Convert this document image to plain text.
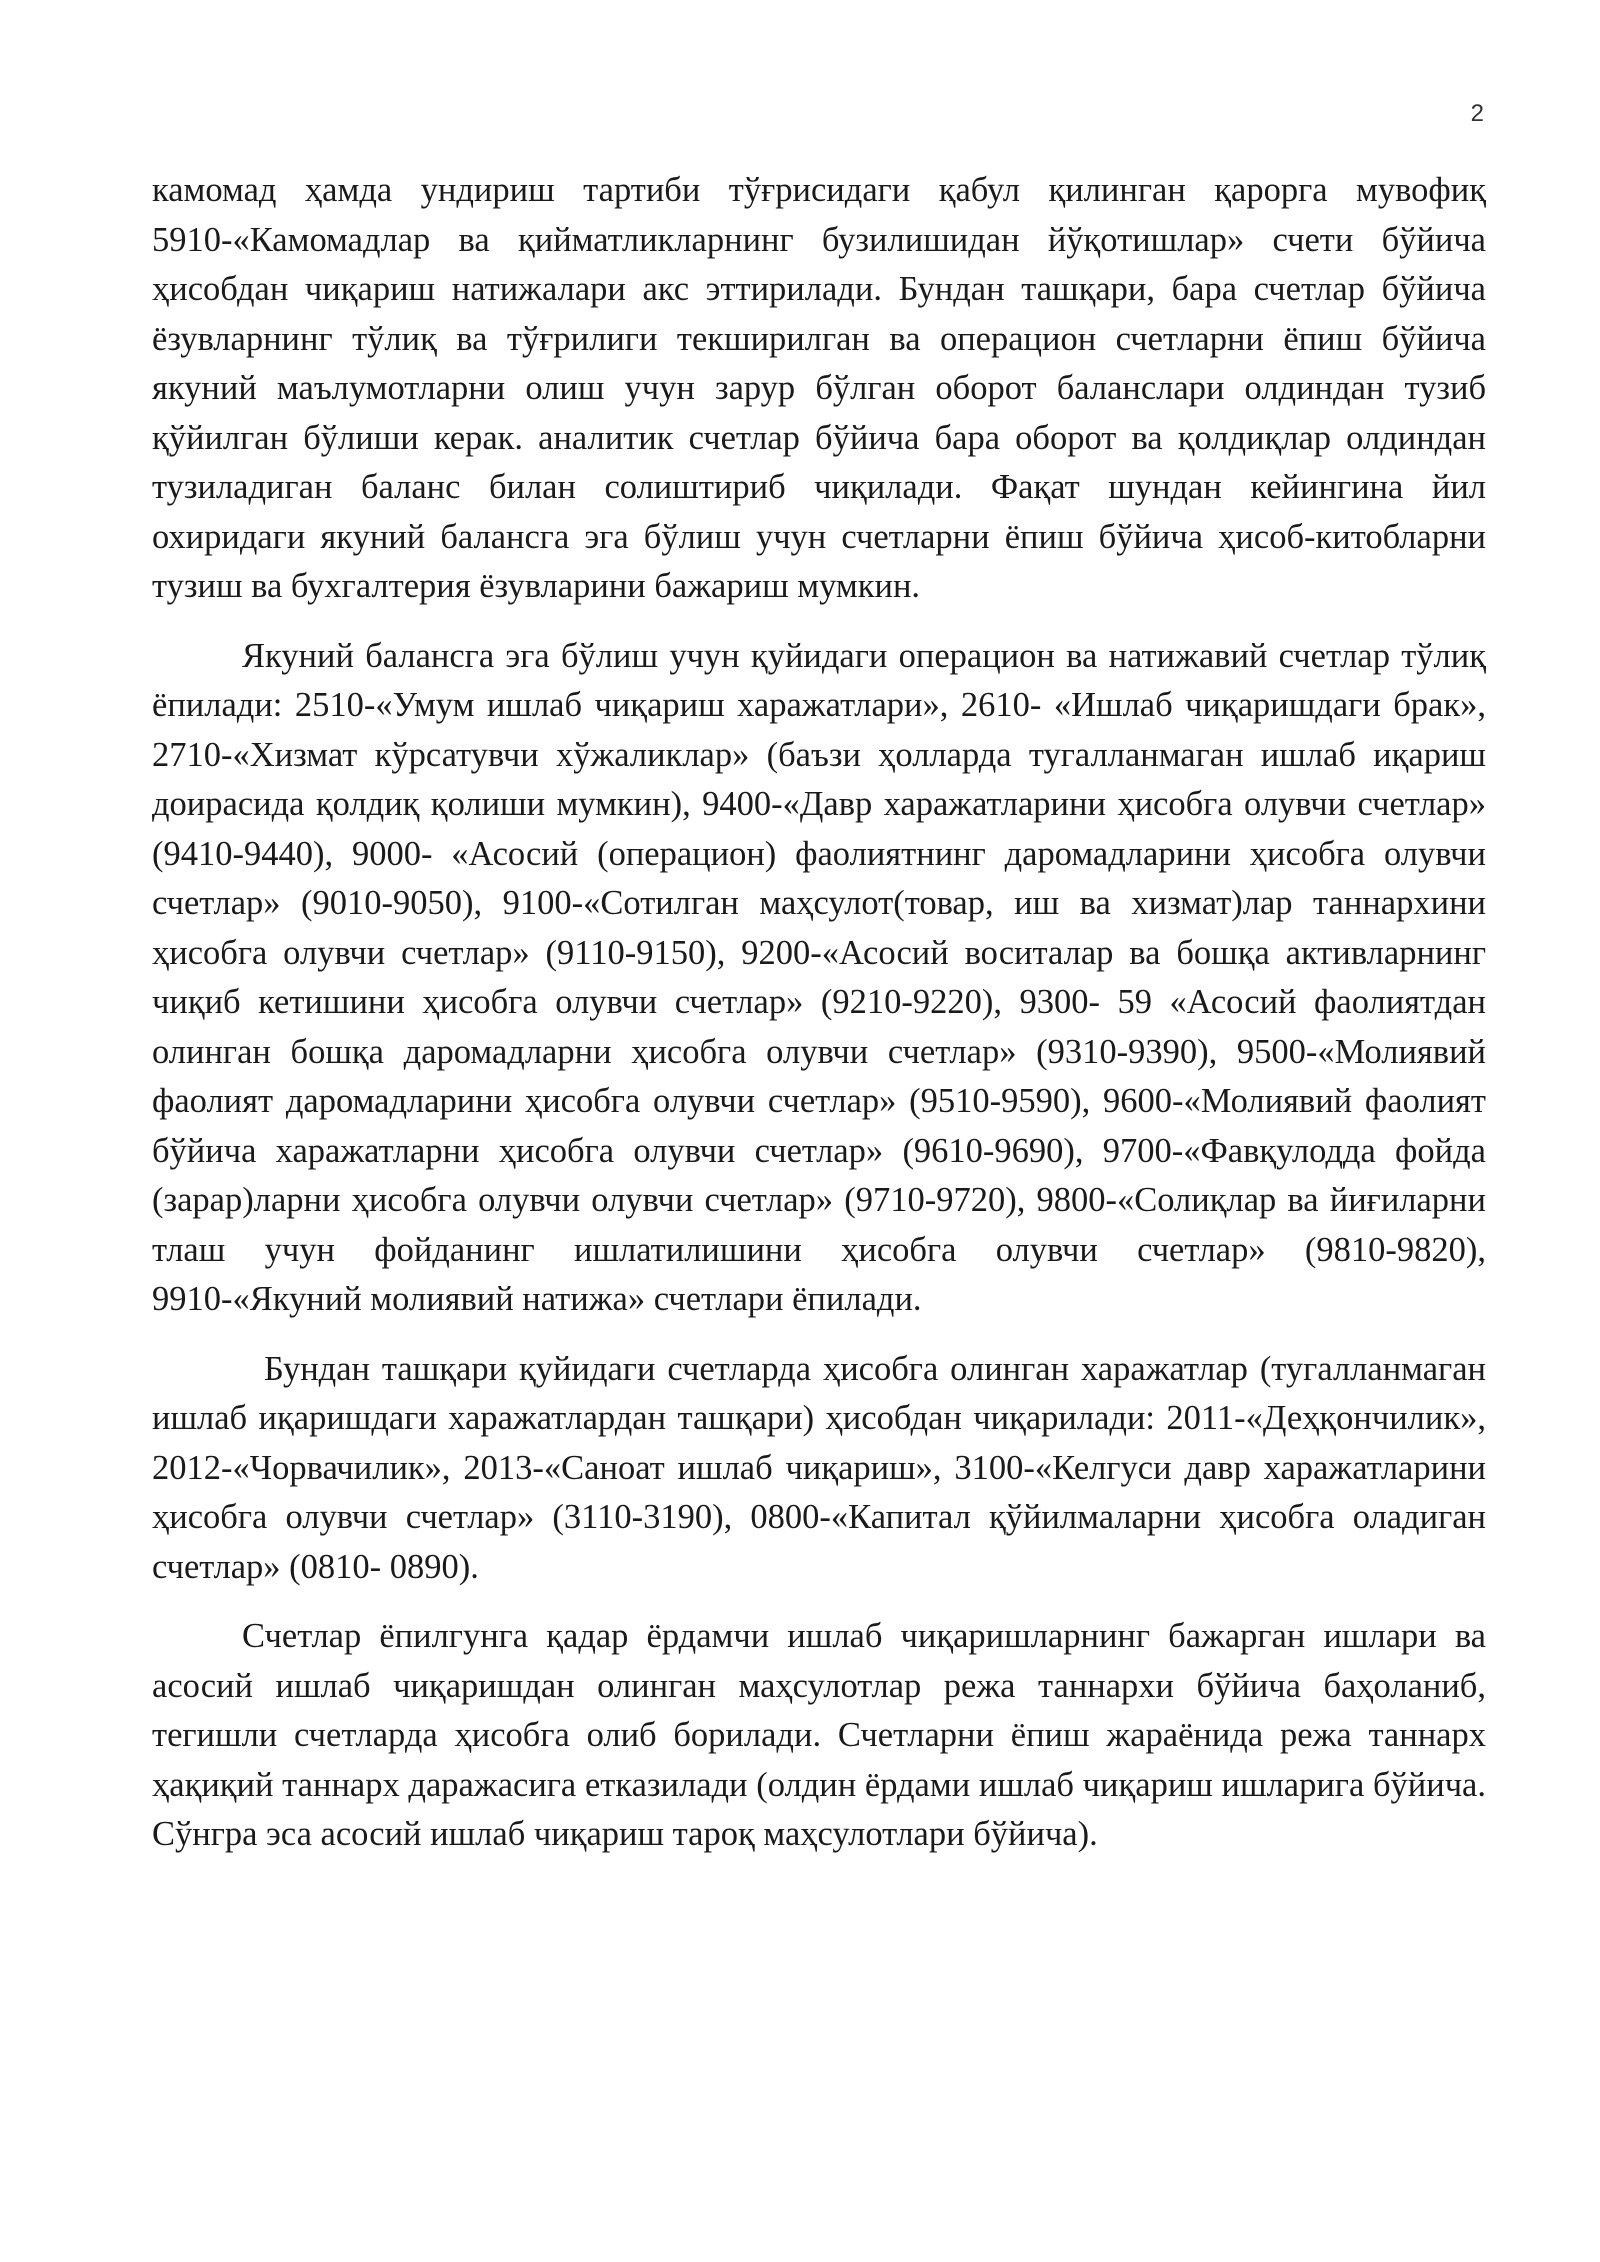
2

камомад ҳамда ундириш тартиби тўғрисидаги қабул қилинган қарорга мувофиқ 5910-«Камомадлар ва қийматликларнинг бузилишидан йўқотишлар» счети бўйича ҳисобдан чиқариш натижалари акс эттирилади. Бундан ташқари, бара счетлар бўйича ёзувларнинг тўлиқ ва тўғрилиги текширилган ва операцион счетларни ёпиш бўйича якуний маълумотларни олиш учун зарур бўлган оборот баланслари олдиндан тузиб қўйилган бўлиши керак. аналитик счетлар бўйича бара оборот ва қолдиқлар олдиндан тузиладиган баланс билан солиштириб чиқилади. Фақат шундан кейингина йил охиридаги якуний балансга эга бўлиш учун счетларни ёпиш бўйича ҳисоб-китобларни тузиш ва бухгалтерия ёзувларини бажариш мумкин.

Якуний балансга эга бўлиш учун қуйидаги операцион ва натижавий счетлар тўлиқ ёпилади: 2510-«Умум ишлаб чиқариш харажатлари», 2610- «Ишлаб чиқаришдаги брак», 2710-«Хизмат кўрсатувчи хўжаликлар» (баъзи ҳолларда тугалланмаган ишлаб иқариш доирасида қолдиқ қолиши мумкин), 9400-«Давр харажатларини ҳисобга олувчи счетлар» (9410-9440), 9000- «Асосий (операцион) фаолиятнинг даромадларини ҳисобга олувчи счетлар» (9010-9050), 9100-«Сотилган маҳсулот(товар, иш ва хизмат)лар таннархини ҳисобга олувчи счетлар» (9110-9150), 9200-«Асосий воситалар ва бошқа активларнинг чиқиб кетишини ҳисобга олувчи счетлар» (9210-9220), 9300- 59 «Асосий фаолиятдан олинган бошқа даромадларни ҳисобга олувчи счетлар» (9310-9390), 9500-«Молиявий фаолият даромадларини ҳисобга олувчи счетлар» (9510-9590), 9600-«Молиявий фаолият бўйича харажатларни ҳисобга олувчи счетлар» (9610-9690), 9700-«Фавқулодда фойда (зарар)ларни ҳисобга олувчи олувчи счетлар» (9710-9720), 9800-«Солиқлар ва йиғиларни тлаш учун фойданинг ишлатилишини ҳисобга олувчи счетлар» (9810-9820), 9910-«Якуний молиявий натижа» счетлари ёпилади.

Бундан ташқари қуйидаги счетларда ҳисобга олинган харажатлар (тугалланмаган ишлаб иқаришдаги харажатлардан ташқари) ҳисобдан чиқарилади: 2011-«Деҳқончилик», 2012-«Чорвачилик», 2013-«Саноат ишлаб чиқариш», 3100-«Келгуси давр харажатларини ҳисобга олувчи счетлар» (3110-3190), 0800-«Капитал қўйилмаларни ҳисобга оладиган счетлар» (0810- 0890).

Счетлар ёпилгунга қадар ёрдамчи ишлаб чиқаришларнинг бажарган ишлари ва асосий ишлаб чиқаришдан олинган маҳсулотлар режа таннархи бўйича баҳоланиб, тегишли счетларда ҳисобга олиб борилади. Счетларни ёпиш жараёнида режа таннарх ҳақиқий таннарх даражасига етказилади (олдин ёрдами ишлаб чиқариш ишларига бўйича. Сўнгра эса асосий ишлаб чиқариш тароқ маҳсулотлари бўйича).
